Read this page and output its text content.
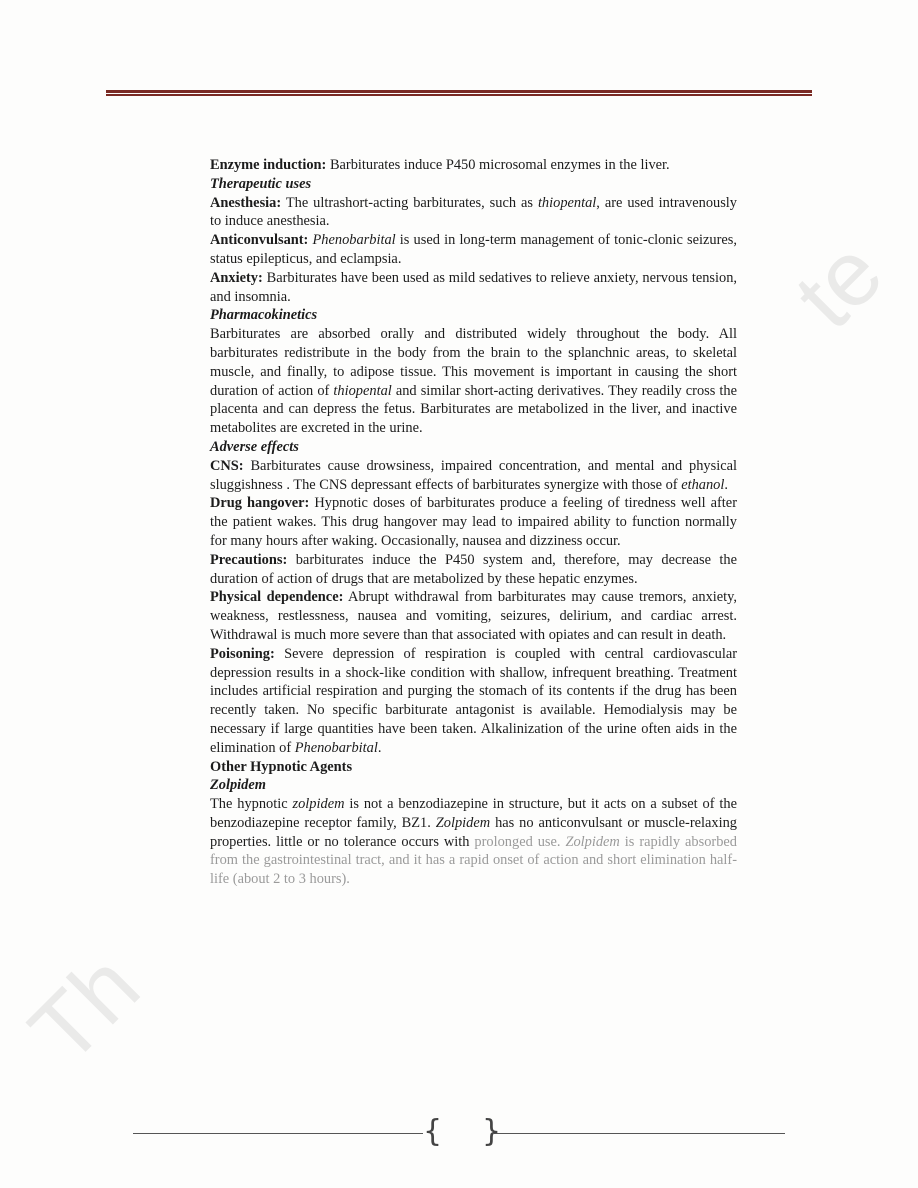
Th
te

Enzyme induction: Barbiturates induce P450 microsomal enzymes in the liver.

Therapeutic uses

Anesthesia: The ultrashort-acting barbiturates, such as thiopental, are used intravenously to induce anesthesia.

Anticonvulsant: Phenobarbital is used in long-term management of tonic-clonic seizures, status epilepticus, and eclampsia.

Anxiety: Barbiturates have been used as mild sedatives to relieve anxiety, nervous tension, and insomnia.

Pharmacokinetics

Barbiturates are absorbed orally and distributed widely throughout the body. All barbiturates redistribute in the body from the brain to the splanchnic areas, to skeletal muscle, and finally, to adipose tissue. This movement is important in causing the short duration of action of thiopental and similar short-acting derivatives. They readily cross the placenta and can depress the fetus. Barbiturates are metabolized in the liver, and inactive metabolites are excreted in the urine.

Adverse effects

CNS: Barbiturates cause drowsiness, impaired concentration, and mental and physical sluggishness . The CNS depressant effects of barbiturates synergize with those of ethanol.

Drug hangover: Hypnotic doses of barbiturates produce a feeling of tiredness well after the patient wakes. This drug hangover may lead to impaired ability to function normally for many hours after waking. Occasionally, nausea and dizziness occur.

Precautions: barbiturates induce the P450 system and, therefore, may decrease the duration of action of drugs that are metabolized by these hepatic enzymes.

Physical dependence: Abrupt withdrawal from barbiturates may cause tremors, anxiety, weakness, restlessness, nausea and vomiting, seizures, delirium, and cardiac arrest. Withdrawal is much more severe than that associated with opiates and can result in death.

Poisoning: Severe depression of respiration is coupled with central cardiovascular depression results in a shock-like condition with shallow, infrequent breathing. Treatment includes artificial respiration and purging the stomach of its contents if the drug has been recently taken. No specific barbiturate antagonist is available. Hemodialysis may be necessary if large quantities have been taken. Alkalinization of the urine often aids in the elimination of Phenobarbital.

Other Hypnotic Agents

Zolpidem

The hypnotic zolpidem is not a benzodiazepine in structure, but it acts on a subset of the benzodiazepine receptor family, BZ1. Zolpidem has no anticonvulsant or muscle-relaxing properties. little or no tolerance occurs with prolonged use. Zolpidem is rapidly absorbed from the gastrointestinal tract, and it has a rapid onset of action and short elimination half-life (about 2 to 3 hours).

{ }
